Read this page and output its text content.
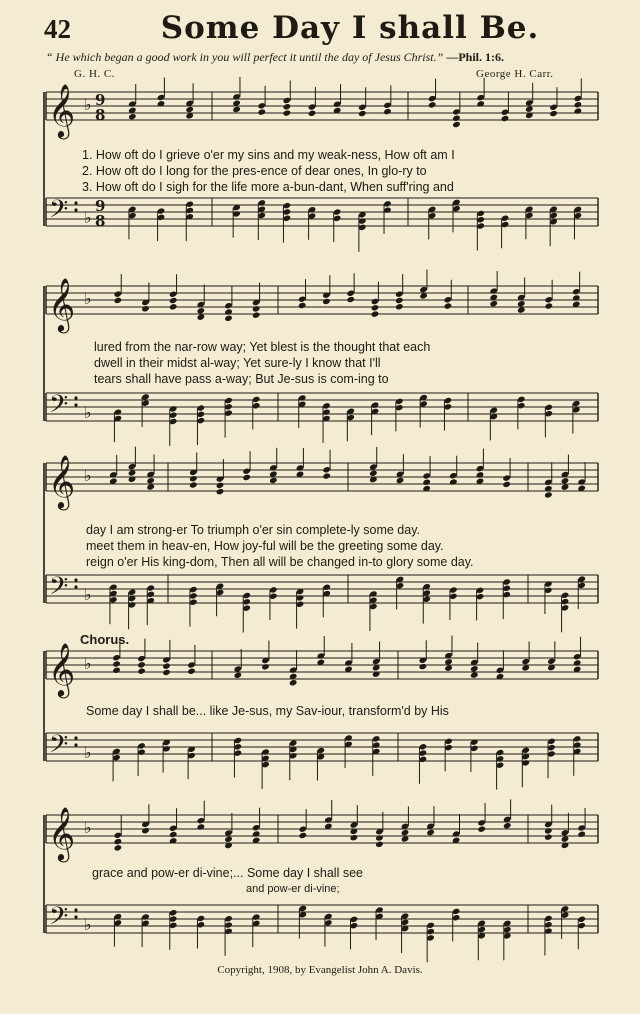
42	Some Day I shall Be.
“ He which began a good work in you will perfect it until the day of Jesus Christ.” —Phil. 1:6.
G. H. C.	George H. Carr.
𝄞 ♭ 9
8
𝄢 ♭
9
8
𝄞 ♭
𝄢 ♭
𝄞 ♭
𝄢 ♭
𝄞 ♭
𝄢 ♭
𝄞 ♭
𝄢 ♭
1. How oft do I grieve o'er my sins and my weak-ness, How oft am I
2. How oft do I long for the pres-ence of dear ones, In glo-ry to
3. How oft do I sigh for the life more a-bun-dant, When suff'ring and
lured from the nar-row way; Yet blest is the thought that each
dwell in their midst al-way; Yet sure-ly I know that I'll
tears shall have pass a-way; But Je-sus is com-ing to
day I am strong-er To triumph o'er sin complete-ly some day.
meet them in heav-en, How joy-ful will be the greeting some day.
reign o'er His king-dom, Then all will be changed in-to glory some day.
Chorus.
Some day I shall be... like Je-sus, my Sav-iour, transform'd by His
grace and pow-er di-vine;... Some day I shall see
and pow-er di-vine;
Copyright, 1908, by Evangelist John A. Davis.
